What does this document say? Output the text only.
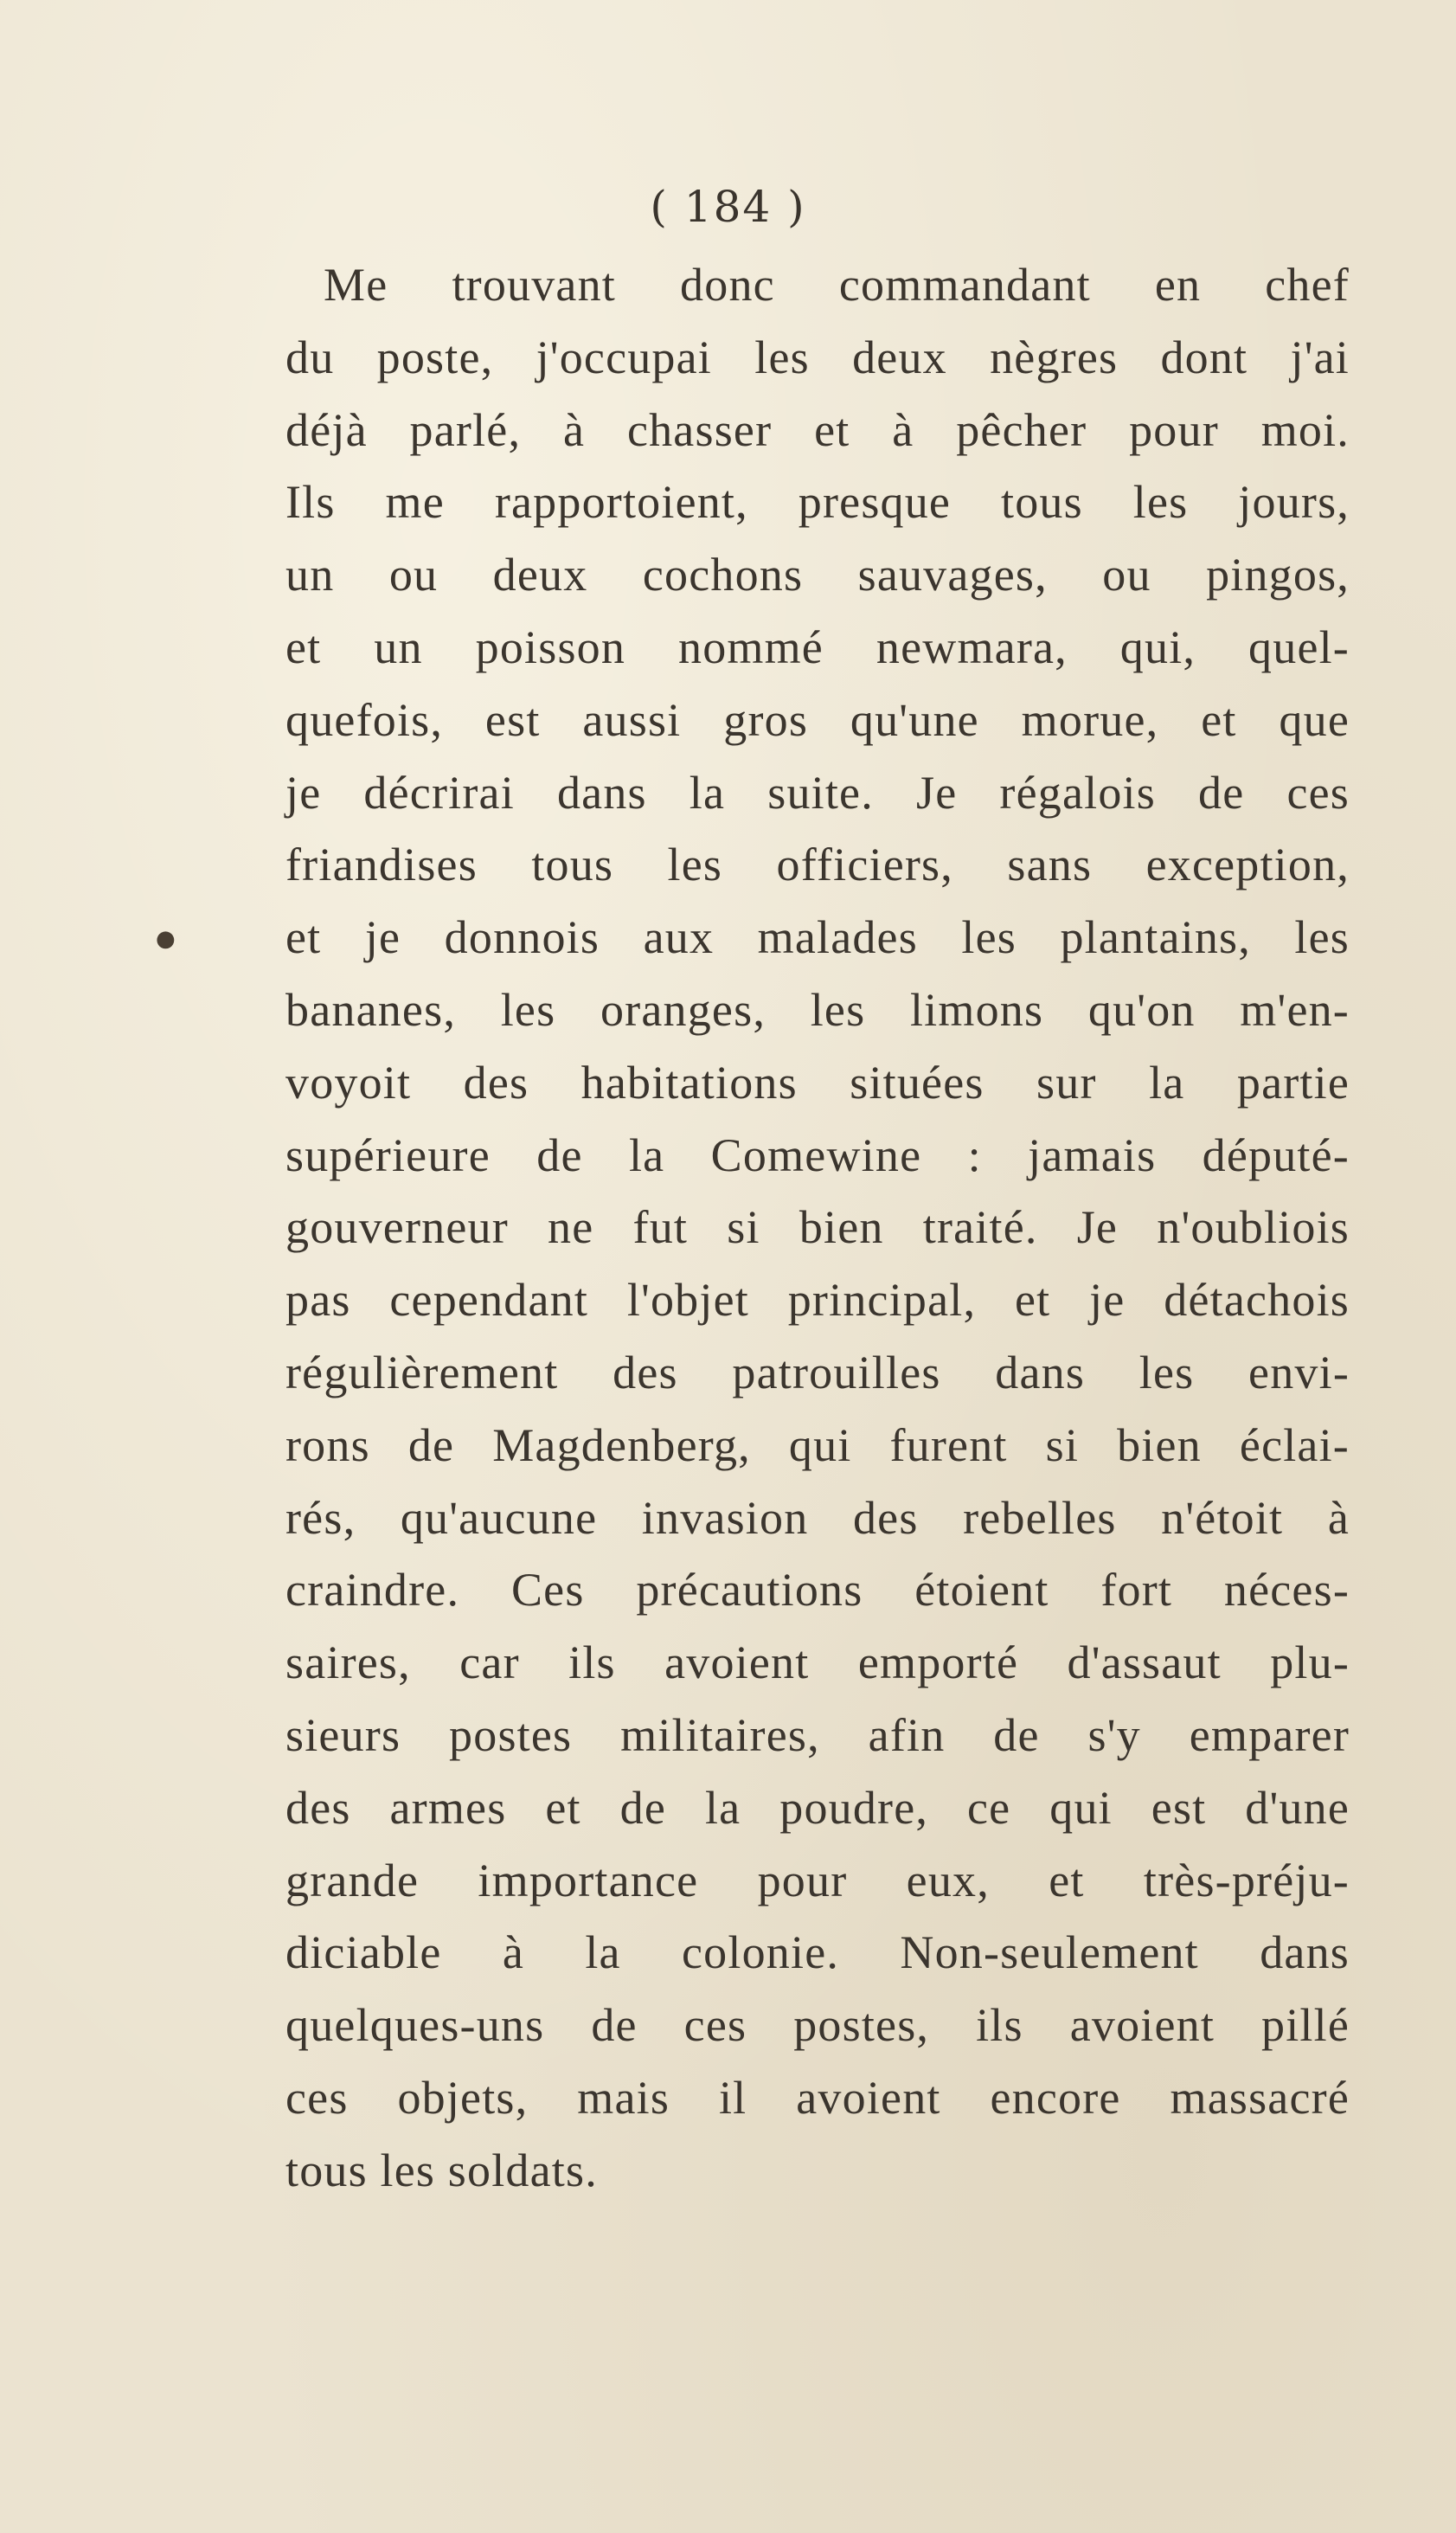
( 184 )
●
Me trouvant donc commandant en chef
du poste, j'occupai les deux nègres dont j'ai
déjà parlé, à chasser et à pêcher pour moi.
Ils me rapportoient, presque tous les jours,
un ou deux cochons sauvages, ou pingos,
et un poisson nommé newmara, qui, quel-
quefois, est aussi gros qu'une morue, et que
je décrirai dans la suite. Je régalois de ces
friandises tous les officiers, sans exception,
et je donnois aux malades les plantains, les
bananes, les oranges, les limons qu'on m'en-
voyoit des habitations situées sur la partie
supérieure de la Comewine : jamais député-
gouverneur ne fut si bien traité. Je n'oubliois
pas cependant l'objet principal, et je détachois
régulièrement des patrouilles dans les envi-
rons de Magdenberg, qui furent si bien éclai-
rés, qu'aucune invasion des rebelles n'étoit à
craindre. Ces précautions étoient fort néces-
saires, car ils avoient emporté d'assaut plu-
sieurs postes militaires, afin de s'y emparer
des armes et de la poudre, ce qui est d'une
grande importance pour eux, et très-préju-
diciable à la colonie. Non-seulement dans
quelques-uns de ces postes, ils avoient pillé
ces objets, mais il avoient encore massacré
tous les soldats.
